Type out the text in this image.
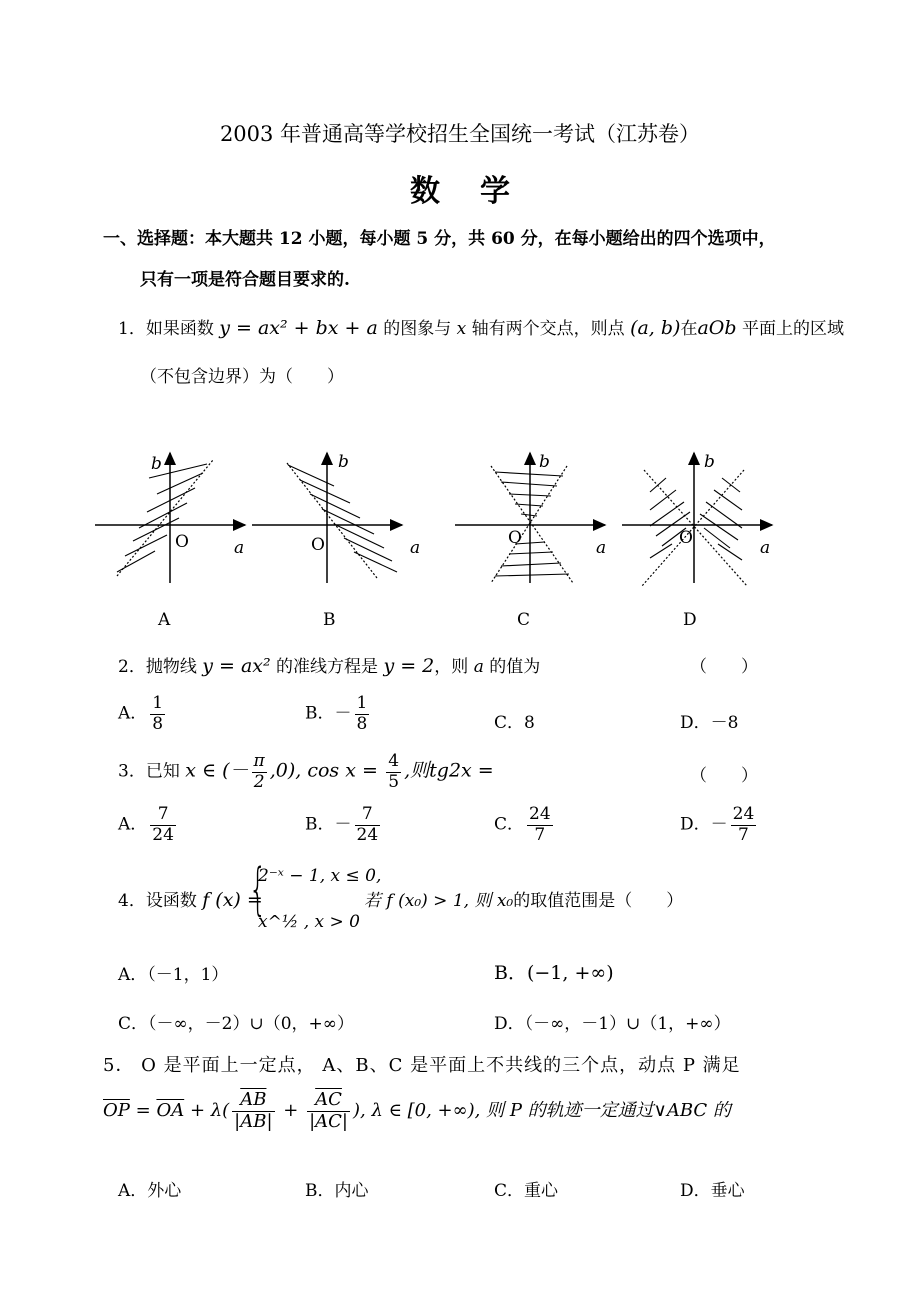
2003 年普通高等学校招生全国统一考试（江苏卷）
数学
一、选择题：本大题共 12 小题，每小题 5 分，共 60 分，在每小题给出的四个选项中，
只有一项是符合题目要求的.
1．如果函数 y = ax² + bx + a 的图象与 x 轴有两个交点，则点 (a, b)在aOb 平面上的区域
（不包含边界）为（　　）
b
O	a
b
O	a
b
O	a
b
O	a
A	B	C	D
2．抛物线 y = ax² 的准线方程是 y = 2，则 a 的值为	（　　）
A． $\frac{1}{8}$	B．－ $\frac{1}{8}$	C．8	D．－8
3．已知 x ∈ (－ $\frac{\pi}{2} ,0$), $\cos x = \frac{4}{5}$ ,则tg2x =	（　　）
A． $\frac{7}{24}$	B．－ $\frac{7}{24}$	C． $\frac{24}{7}$	D．－ $\frac{24}{7}$
4．设函数 f (x) =
{
2⁻ˣ − 1, x ≤ 0,
x^½ , x > 0
若 f (x₀) > 1, 则 x₀的取值范围是（　　）
A．（－1，1）	B．(−1, +∞)
C．（－∞，－2）∪（0，+∞）	D．（－∞，－1）∪（1，+∞）
5． O 是平面上一定点， A、B、C 是平面上不共线的三个点，动点 P 满足
$\overline{OP} = \overline{OA} + \lambda( \frac{\overline{AB}}{|AB|} + \frac{\overline{AC}}{|AC|}$ ), λ ∈ [0, +∞), 则 P 的轨迹一定通过∨ABC 的
A．外心	B．内心	C．重心	D．垂心
